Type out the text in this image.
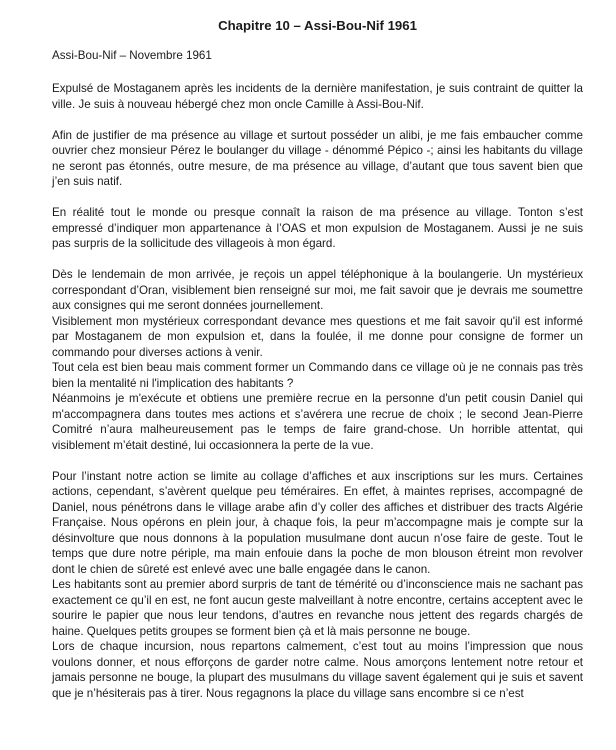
Chapitre 10 – Assi-Bou-Nif 1961
Assi-Bou-Nif – Novembre 1961

Expulsé de Mostaganem après les incidents de la dernière manifestation, je suis contraint de quitter la ville. Je suis à nouveau hébergé chez mon oncle Camille à Assi-Bou-Nif.

Afin de justifier de ma présence au village et surtout posséder un alibi, je me fais embaucher comme ouvrier chez monsieur Pérez le boulanger du village - dénommé Pépico -; ainsi les habitants du village ne seront pas étonnés, outre mesure, de ma présence au village, d’autant que tous savent bien que j’en suis natif.

En réalité tout le monde ou presque connaît la raison de ma présence au village. Tonton s’est empressé d’indiquer mon appartenance à l’OAS et mon expulsion de Mostaganem. Aussi je ne suis pas surpris de la sollicitude des villageois à mon égard.

Dès le lendemain de mon arrivée, je reçois un appel téléphonique à la boulangerie. Un mystérieux correspondant d’Oran, visiblement bien renseigné sur moi, me fait savoir que je devrais me soumettre aux consignes qui me seront données journellement.

Visiblement mon mystérieux correspondant devance mes questions et me fait savoir qu'il est informé par Mostaganem de mon expulsion et, dans la foulée, il me donne pour consigne de former un commando pour diverses actions à venir.

Tout cela est bien beau mais comment former un Commando dans ce village où je ne connais pas très bien la mentalité ni l'implication des habitants ?

Néanmoins je m'exécute et obtiens une première recrue en la personne d'un petit cousin Daniel qui m'accompagnera dans toutes mes actions et s’avérera une recrue de choix ; le second Jean-Pierre Comitré n’aura malheureusement pas le temps de faire grand-chose. Un horrible attentat, qui visiblement m’était destiné, lui occasionnera la perte de la vue.

Pour l’instant notre action se limite au collage d’affiches et aux inscriptions sur les murs. Certaines actions, cependant, s’avèrent quelque peu téméraires. En effet, à maintes reprises, accompagné de Daniel, nous pénétrons dans le village arabe afin d’y coller des affiches et distribuer des tracts Algérie Française. Nous opérons en plein jour, à chaque fois, la peur m’accompagne mais je compte sur la désinvolture que nous donnons à la population musulmane dont aucun n’ose faire de geste. Tout le temps que dure notre périple, ma main enfouie dans la poche de mon blouson étreint mon revolver dont le chien de sûreté est enlevé avec une balle engagée dans le canon.

Les habitants sont au premier abord surpris de tant de témérité ou d’inconscience mais ne sachant pas exactement ce qu’il en est, ne font aucun geste malveillant à notre encontre, certains acceptent avec le sourire le papier que nous leur tendons, d’autres en revanche nous jettent des regards chargés de haine. Quelques petits groupes se forment bien çà et là mais personne ne bouge.

Lors de chaque incursion, nous repartons calmement, c’est tout au moins l’impression que nous voulons donner, et nous efforçons de garder notre calme. Nous amorçons lentement notre retour et jamais personne ne bouge, la plupart des musulmans du village savent également qui je suis et savent que je n’hésiterais pas à tirer. Nous regagnons la place du village sans encombre si ce n’est
